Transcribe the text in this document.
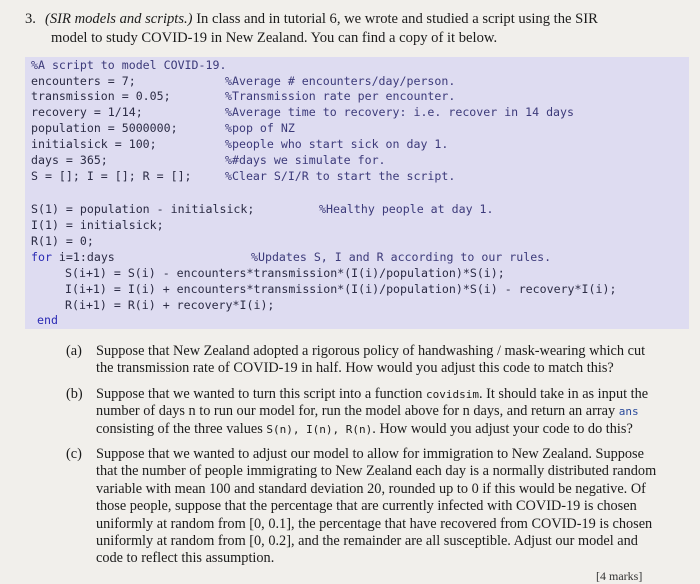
3. (SIR models and scripts.) In class and in tutorial 6, we wrote and studied a script using the SIR
model to study COVID-19 in New Zealand. You can find a copy of it below.
%A script to model COVID-19.
encounters = 7;	%Average # encounters/day/person.
transmission = 0.05;	%Transmission rate per encounter.
recovery = 1/14;	%Average time to recovery: i.e. recover in 14 days
population = 5000000;	%pop of NZ
initialsick = 100;	%people who start sick on day 1.
days = 365;	%#days we simulate for.
S = []; I = []; R = [];	%Clear S/I/R to start the script.
S(1) = population - initialsick;	%Healthy people at day 1.
I(1) = initialsick;
R(1) = 0;
for i=1:days	%Updates S, I and R according to our rules.
S(i+1) = S(i) - encounters*transmission*(I(i)/population)*S(i);
I(i+1) = I(i) + encounters*transmission*(I(i)/population)*S(i) - recovery*I(i);
R(i+1) = R(i) + recovery*I(i);
end
(a) Suppose that New Zealand adopted a rigorous policy of handwashing / mask-wearing which cut the transmission rate of COVID-19 in half. How would you adjust this code to match this?
(b) Suppose that we wanted to turn this script into a function covidsim. It should take in as input the number of days n to run our model for, run the model above for n days, and return an array ans consisting of the three values S(n), I(n), R(n). How would you adjust your code to do this?
(c) Suppose that we wanted to adjust our model to allow for immigration to New Zealand. Suppose that the number of people immigrating to New Zealand each day is a normally distributed random variable with mean 100 and standard deviation 20, rounded up to 0 if this would be negative. Of those people, suppose that the percentage that are currently infected with COVID-19 is chosen uniformly at random from [0, 0.1], the percentage that have recovered from COVID-19 is chosen uniformly at random from [0, 0.2], and the remainder are all susceptible. Adjust our model and code to reflect this assumption.
[4 marks]
